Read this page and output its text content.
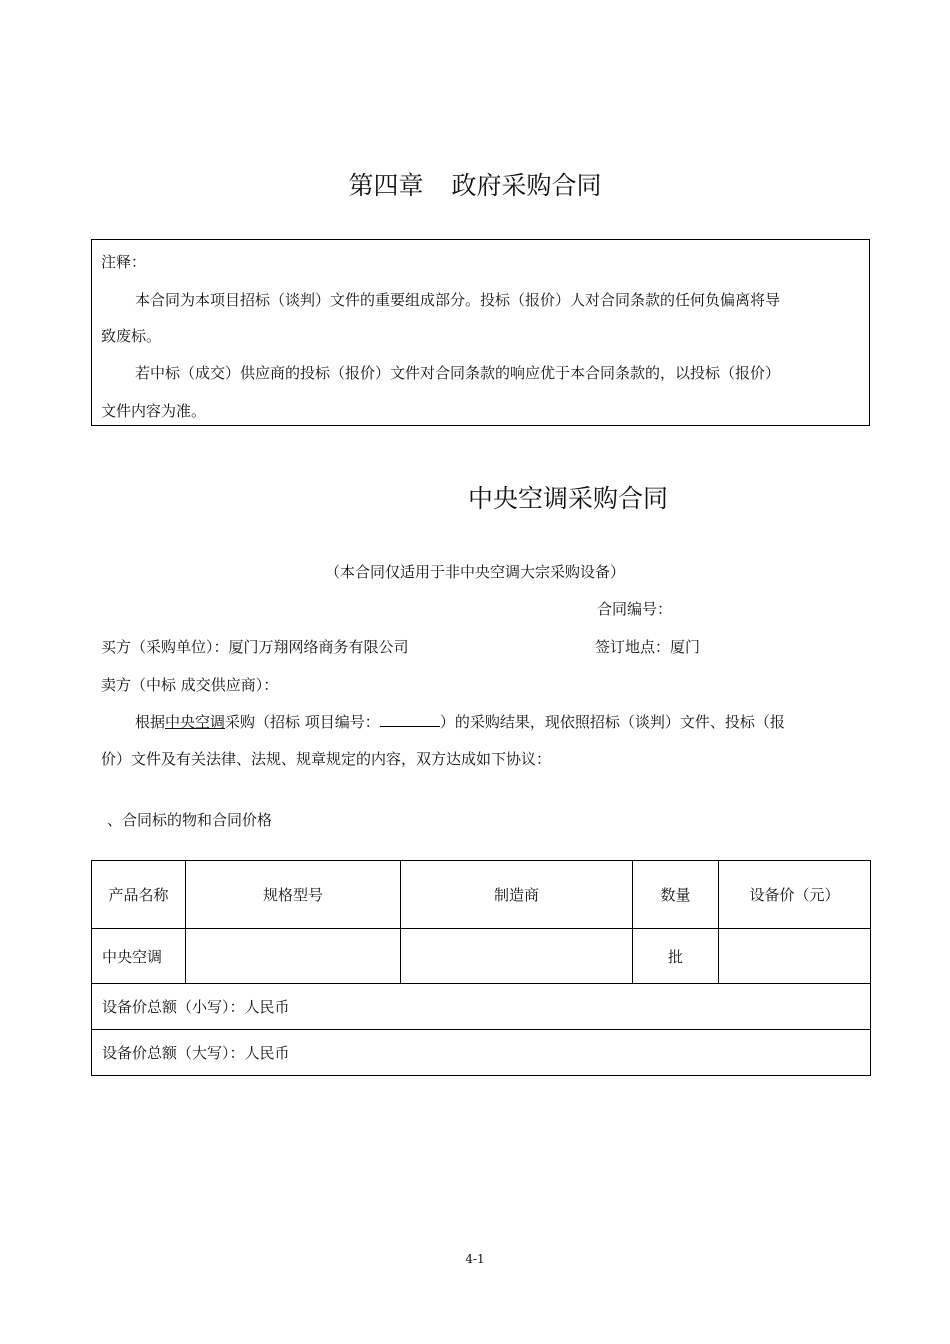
第四章 政府采购合同
注释：
本合同为本项目招标（谈判）文件的重要组成部分。投标（报价）人对合同条款的任何负偏离将导
致废标。
若中标（成交）供应商的投标（报价）文件对合同条款的响应优于本合同条款的，以投标（报价）
文件内容为准。
中央空调采购合同
（本合同仅适用于非中央空调大宗采购设备）
合同编号：
买方（采购单位）：厦门万翔网络商务有限公司	签订地点：厦门
卖方（中标 成交供应商）：
根据中央空调采购（招标 项目编号：	）的采购结果，现依照招标（谈判）文件、投标（报
价）文件及有关法律、法规、规章规定的内容，双方达成如下协议：
、合同标的物和合同价格
产品名称	规格型号	制造商	数量	设备价（元）
中央空调			批	
设备价总额（小写）：人民币				
设备价总额（大写）：人民币				
4-1
